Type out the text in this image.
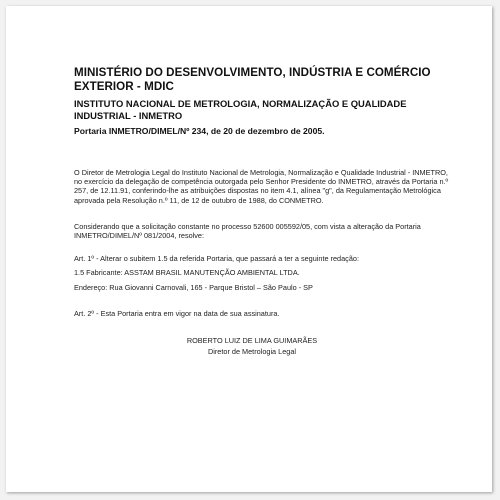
MINISTÉRIO DO DESENVOLVIMENTO, INDÚSTRIA E COMÉRCIO EXTERIOR - MDIC
INSTITUTO NACIONAL DE METROLOGIA, NORMALIZAÇÃO E QUALIDADE INDUSTRIAL - INMETRO
Portaria INMETRO/DIMEL/Nº 234, de 20 de dezembro de 2005.

O Diretor de Metrologia Legal do Instituto Nacional de Metrologia, Normalização e Qualidade Industrial - INMETRO, no exercício da delegação de competência outorgada pelo Senhor Presidente do INMETRO, através da Portaria n.º 257, de 12.11.91, conferindo-lhe as atribuições dispostas no item 4.1, alínea "g", da Regulamentação Metrológica aprovada pela Resolução n.º 11, de 12 de outubro de 1988, do CONMETRO.

Considerando que a solicitação constante no processo 52600 005592/05, com vista a alteração da Portaria INMETRO/DIMEL/Nº 081/2004, resolve:

Art. 1º - Alterar o subitem 1.5 da referida Portaria, que passará a ter a seguinte redação:

1.5 Fabricante: ASSTAM BRASIL MANUTENÇÃO AMBIENTAL LTDA.

Endereço: Rua Giovanni Carnovali, 165 - Parque Bristol – São Paulo - SP

Art. 2º - Esta Portaria entra em vigor na data de sua assinatura.

ROBERTO LUIZ DE LIMA GUIMARÃES

Diretor de Metrologia Legal
